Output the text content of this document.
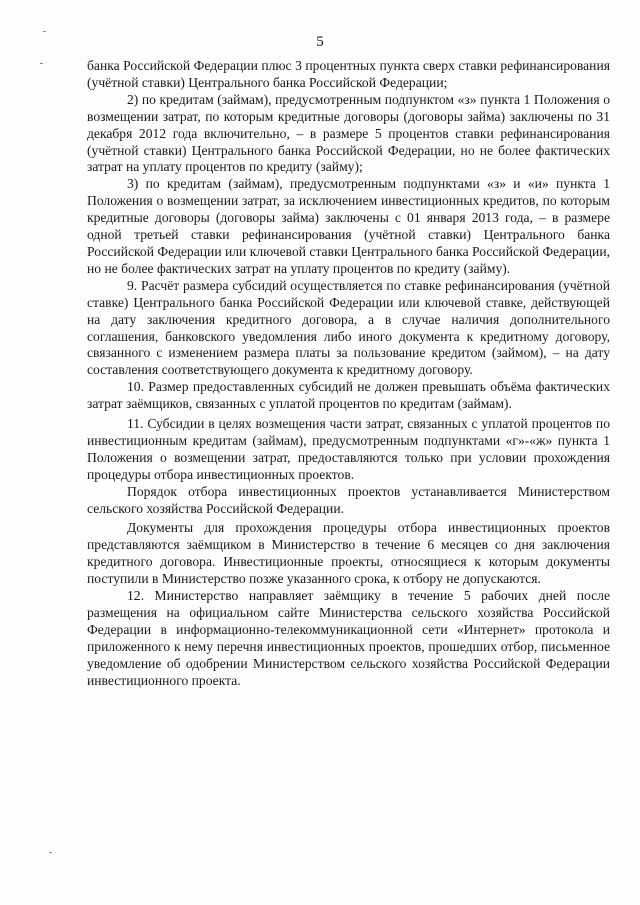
5

банка Российской Федерации плюс 3 процентных пункта сверх ставки рефинансирования (учётной ставки) Центрального банка Российской Федерации;

2) по кредитам (займам), предусмотренным подпунктом «з» пункта 1 Положения о возмещении затрат, по которым кредитные договоры (договоры займа) заключены по 31 декабря 2012 года включительно, – в размере 5 процентов ставки рефинансирования (учётной ставки) Центрального банка Российской Федерации, но не более фактических затрат на уплату процентов по кредиту (займу);

3) по кредитам (займам), предусмотренным подпунктами «з» и «и» пункта 1 Положения о возмещении затрат, за исключением инвестиционных кредитов, по которым кредитные договоры (договоры займа) заключены с 01 января 2013 года, – в размере одной третьей ставки рефинансирования (учётной ставки) Центрального банка Российской Федерации или ключевой ставки Центрального банка Российской Федерации, но не более фактических затрат на уплату процентов по кредиту (займу).

9. Расчёт размера субсидий осуществляется по ставке рефинансирования (учётной ставке) Центрального банка Российской Федерации или ключевой ставке, действующей на дату заключения кредитного договора, а в случае наличия дополнительного соглашения, банковского уведомления либо иного документа к кредитному договору, связанного с изменением размера платы за пользование кредитом (займом), – на дату составления соответствующего документа к кредитному договору.

10. Размер предоставленных субсидий не должен превышать объёма фактических затрат заёмщиков, связанных с уплатой процентов по кредитам (займам).

11. Субсидии в целях возмещения части затрат, связанных с уплатой процентов по инвестиционным кредитам (займам), предусмотренным подпунктами «г»-«ж» пункта 1 Положения о возмещении затрат, предоставляются только при условии прохождения процедуры отбора инвестиционных проектов.

Порядок отбора инвестиционных проектов устанавливается Министерством сельского хозяйства Российской Федерации.

Документы для прохождения процедуры отбора инвестиционных проектов представляются заёмщиком в Министерство в течение 6 месяцев со дня заключения кредитного договора. Инвестиционные проекты, относящиеся к которым документы поступили в Министерство позже указанного срока, к отбору не допускаются.

12. Министерство направляет заёмщику в течение 5 рабочих дней после размещения на официальном сайте Министерства сельского хозяйства Российской Федерации в информационно-телекоммуникационной сети «Интернет» протокола и приложенного к нему перечня инвестиционных проектов, прошедших отбор, письменное уведомление об одобрении Министерством сельского хозяйства Российской Федерации инвестиционного проекта.
